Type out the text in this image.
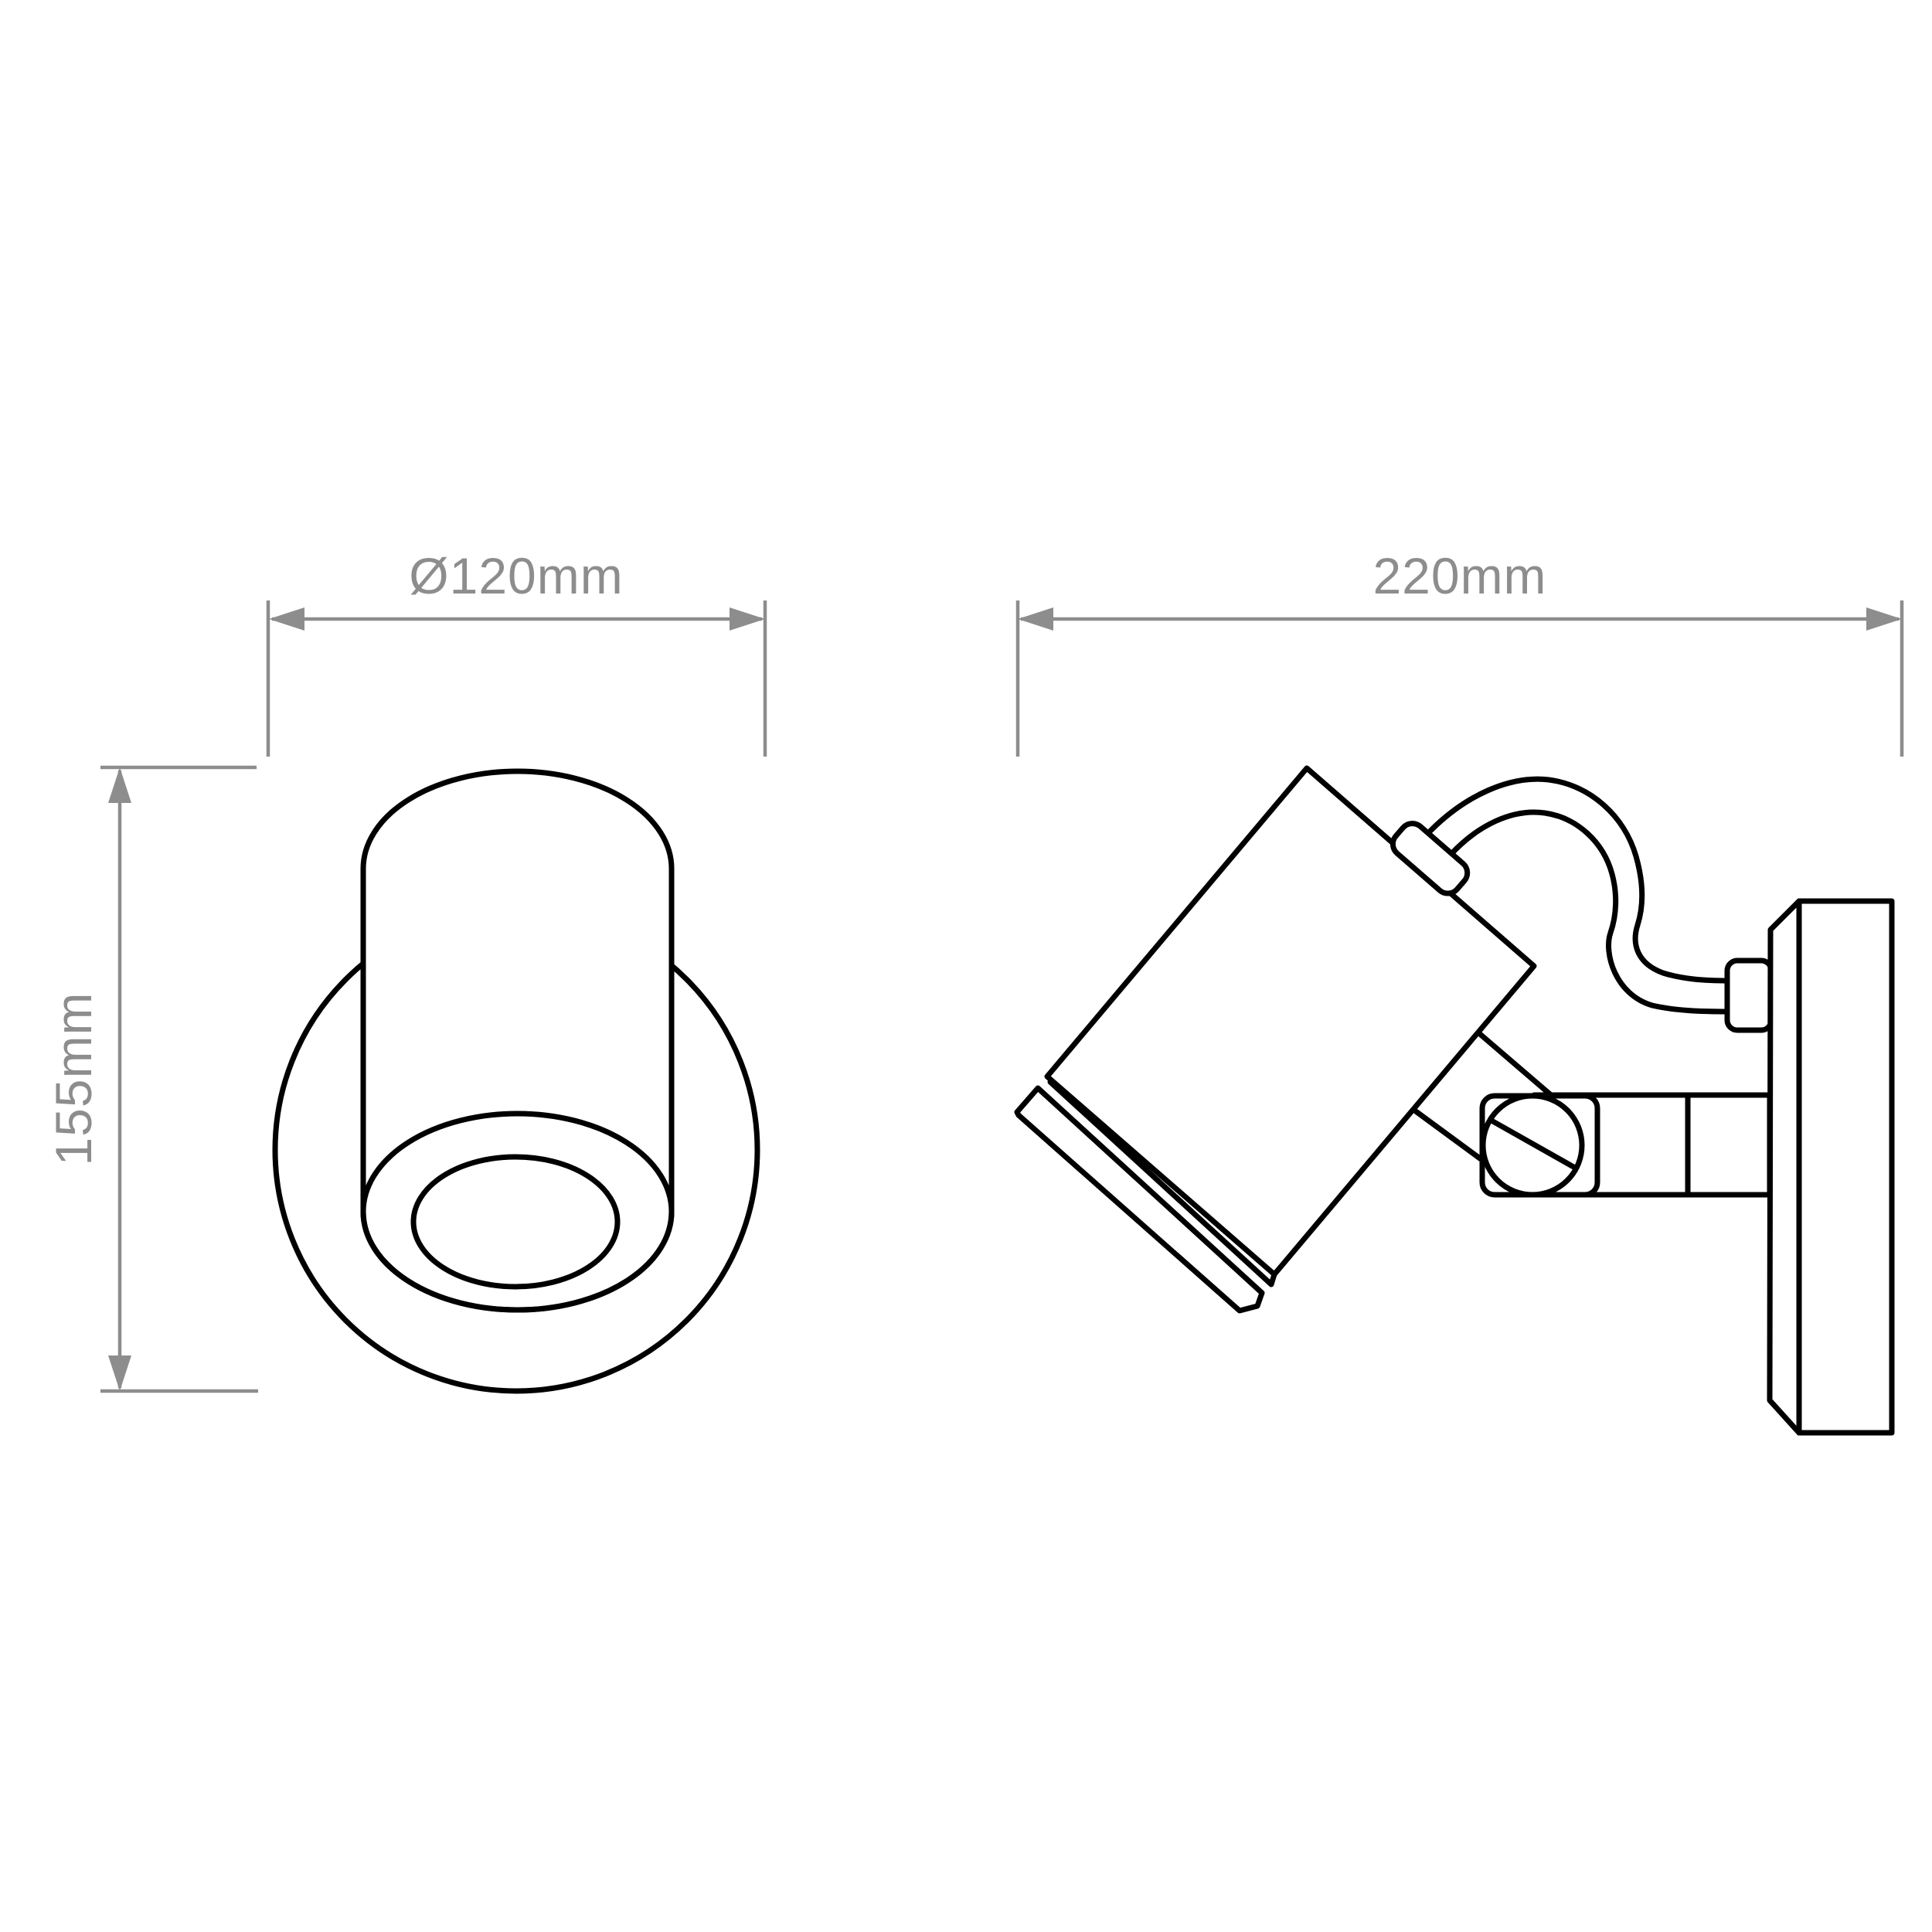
Ø120mm
155mm
220mm
